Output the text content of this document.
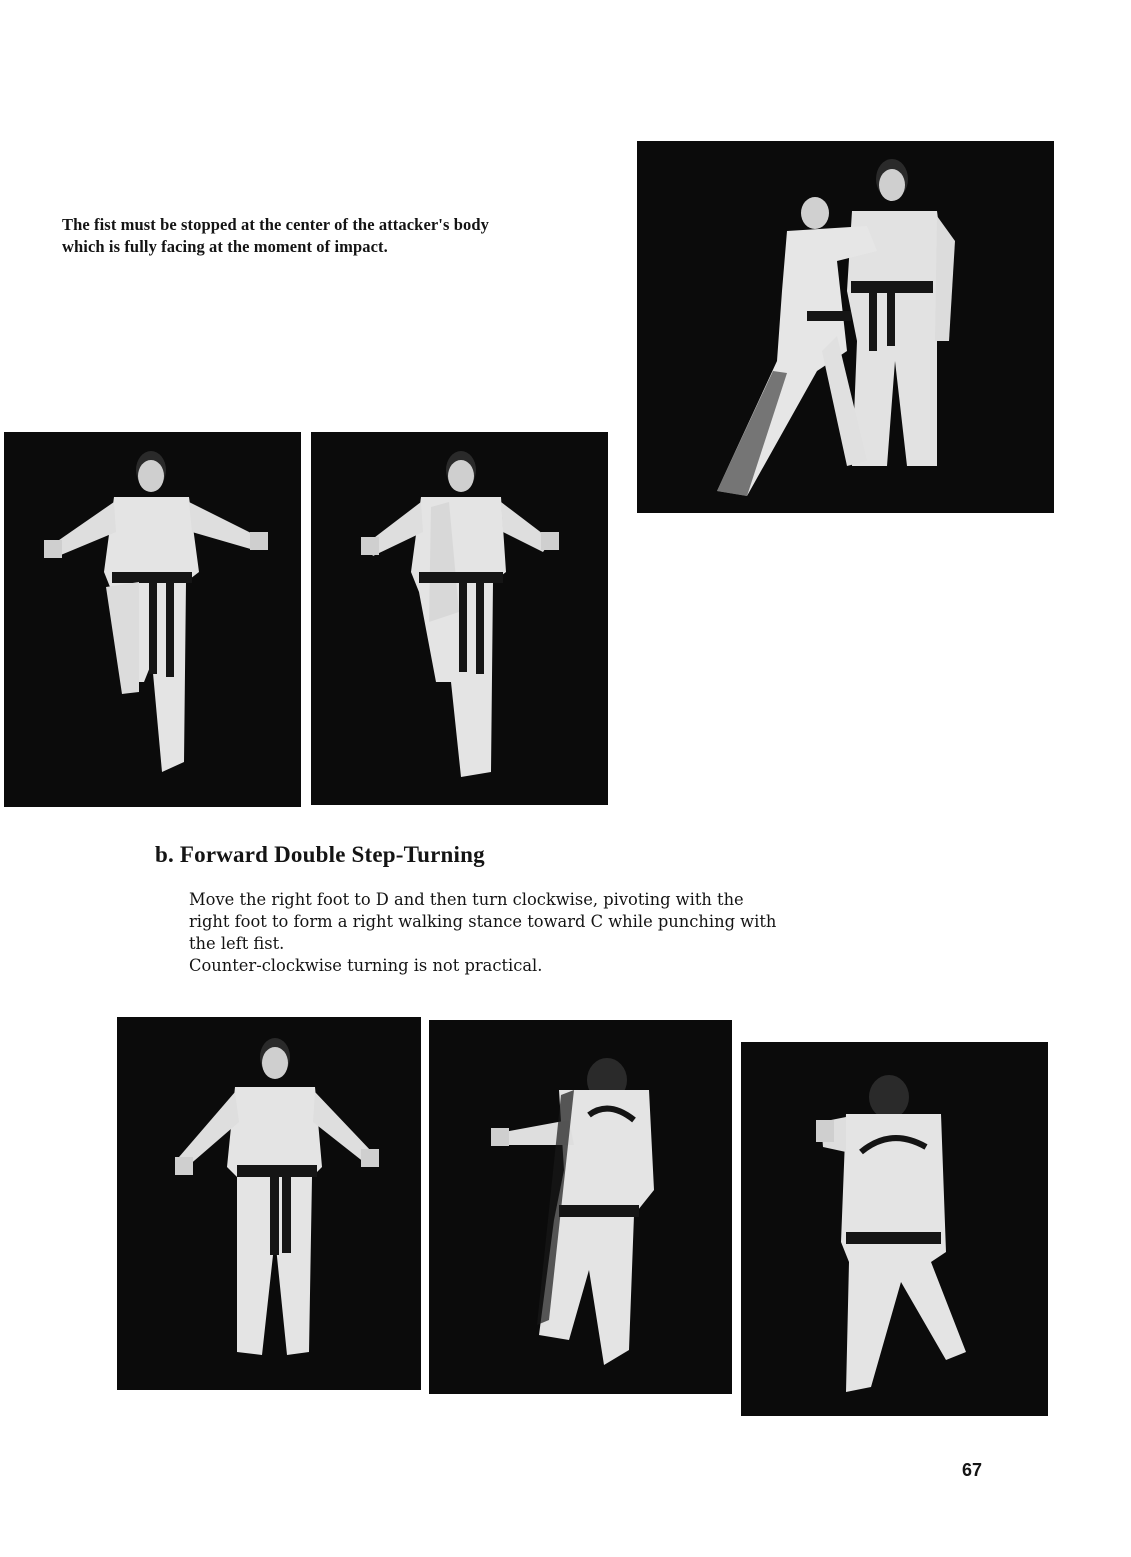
The fist must be stopped at the center of the attacker's body

which is fully facing at the moment of impact.

b. Forward Double Step-Turning

Move the right foot to D and then turn clockwise, pivoting with the

right foot to form a right walking stance toward C while punching with

the left fist.

Counter-clockwise turning is not practical.

67
